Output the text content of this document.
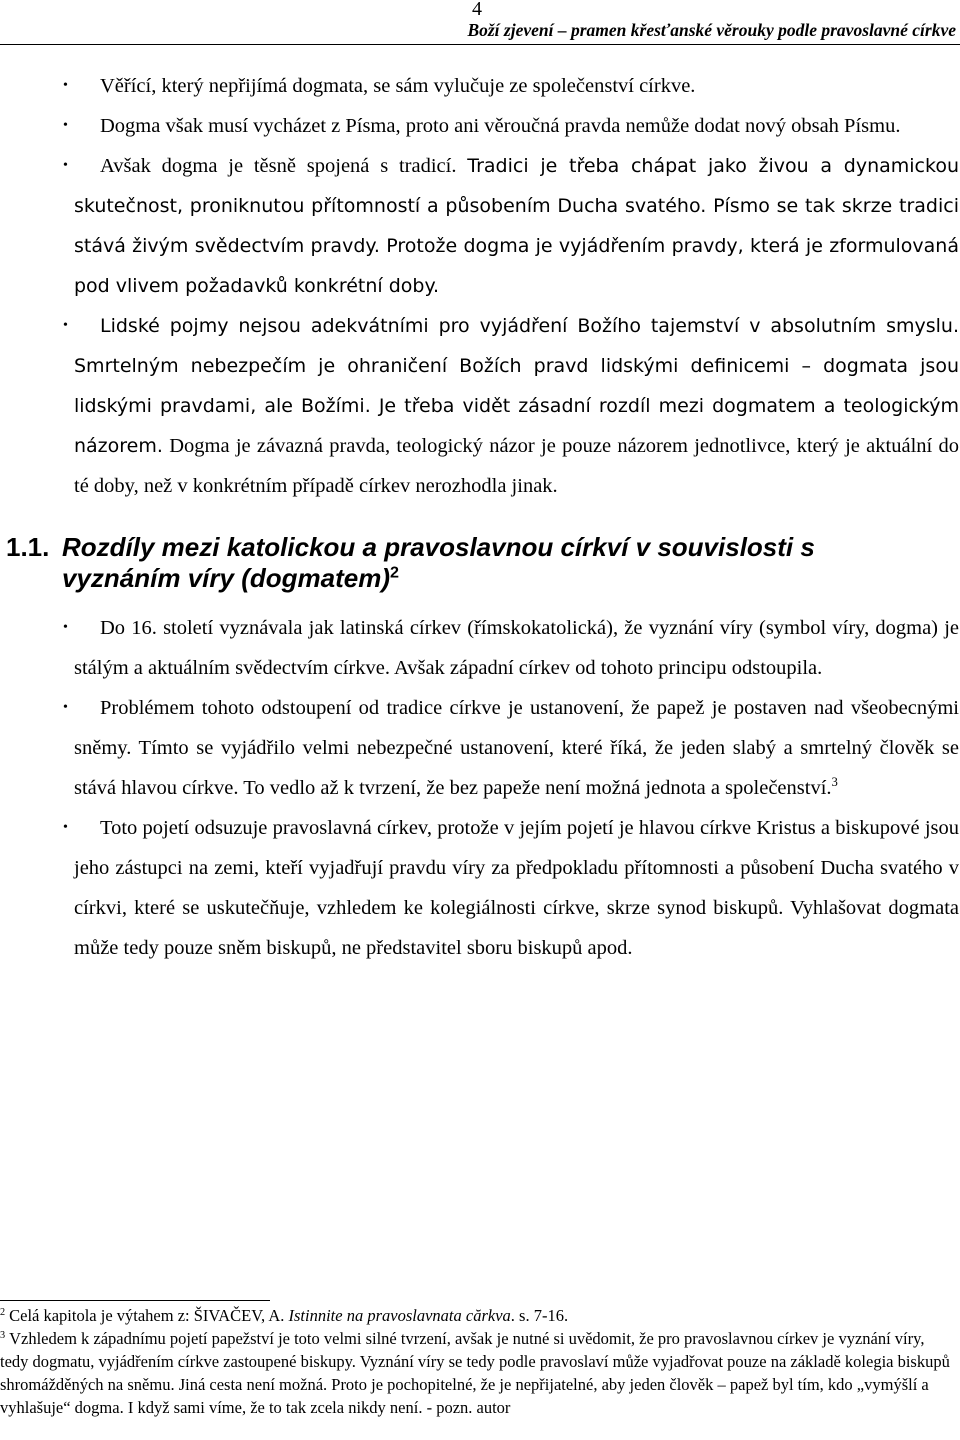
4
Boží zjevení – pramen křesťanské věrouky podle pravoslavné církve

• Věřící, který nepřijímá dogmata, se sám vylučuje ze společenství církve.

• Dogma však musí vycházet z Písma, proto ani věroučná pravda nemůže dodat nový obsah Písmu.

• Avšak dogma je těsně spojená s tradicí. Tradici je třeba chápat jako živou a dynamickou skutečnost, proniknutou přítomností a působením Ducha svatého. Písmo se tak skrze tradici stává živým svědectvím pravdy. Protože dogma je vyjádřením pravdy, která je zformulovaná pod vlivem požadavků konkrétní doby.

• Lidské pojmy nejsou adekvátními pro vyjádření Božího tajemství v absolutním smyslu. Smrtelným nebezpečím je ohraničení Božích pravd lidskými definicemi – dogmata jsou lidskými pravdami, ale Božími. Je třeba vidět zásadní rozdíl mezi dogmatem a teologickým názorem. Dogma je závazná pravda, teologický názor je pouze názorem jednotlivce, který je aktuální do té doby, než v konkrétním případě církev nerozhodla jinak.

1.1. Rozdíly mezi katolickou a pravoslavnou církví v souvislosti s vyznáním víry (dogmatem)$^2$

• Do 16. století vyznávala jak latinská církev (římskokatolická), že vyznání víry (symbol víry, dogma) je stálým a aktuálním svědectvím církve. Avšak západní církev od tohoto principu odstoupila.

• Problémem tohoto odstoupení od tradice církve je ustanovení, že papež je postaven nad všeobecnými sněmy. Tímto se vyjádřilo velmi nebezpečné ustanovení, které říká, že jeden slabý a smrtelný člověk se stává hlavou církve. To vedlo až k tvrzení, že bez papeže není možná jednota a společenství.$^3$

• Toto pojetí odsuzuje pravoslavná církev, protože v jejím pojetí je hlavou církve Kristus a biskupové jsou jeho zástupci na zemi, kteří vyjadřují pravdu víry za předpokladu přítomnosti a působení Ducha svatého v církvi, které se uskutečňuje, vzhledem ke kolegiálnosti církve, skrze synod biskupů. Vyhlašovat dogmata může tedy pouze sněm biskupů, ne představitel sboru biskupů apod.

$^2$ Celá kapitola je výtahem z: ŠIVAČEV, A. Istinnite na pravoslavnata cărkva. s. 7-16.

$^3$ Vzhledem k západnímu pojetí papežství je toto velmi silné tvrzení, avšak je nutné si uvědomit, že pro pravoslavnou církev je vyznání víry, tedy dogmatu, vyjádřením církve zastoupené biskupy. Vyznání víry se tedy podle pravoslaví může vyjadřovat pouze na základě kolegia biskupů shromážděných na sněmu. Jiná cesta není možná. Proto je pochopitelné, že je nepřijatelné, aby jeden člověk – papež byl tím, kdo „vymýšlí a vyhlašuje“ dogma. I když sami víme, že to tak zcela nikdy není. - pozn. autor
